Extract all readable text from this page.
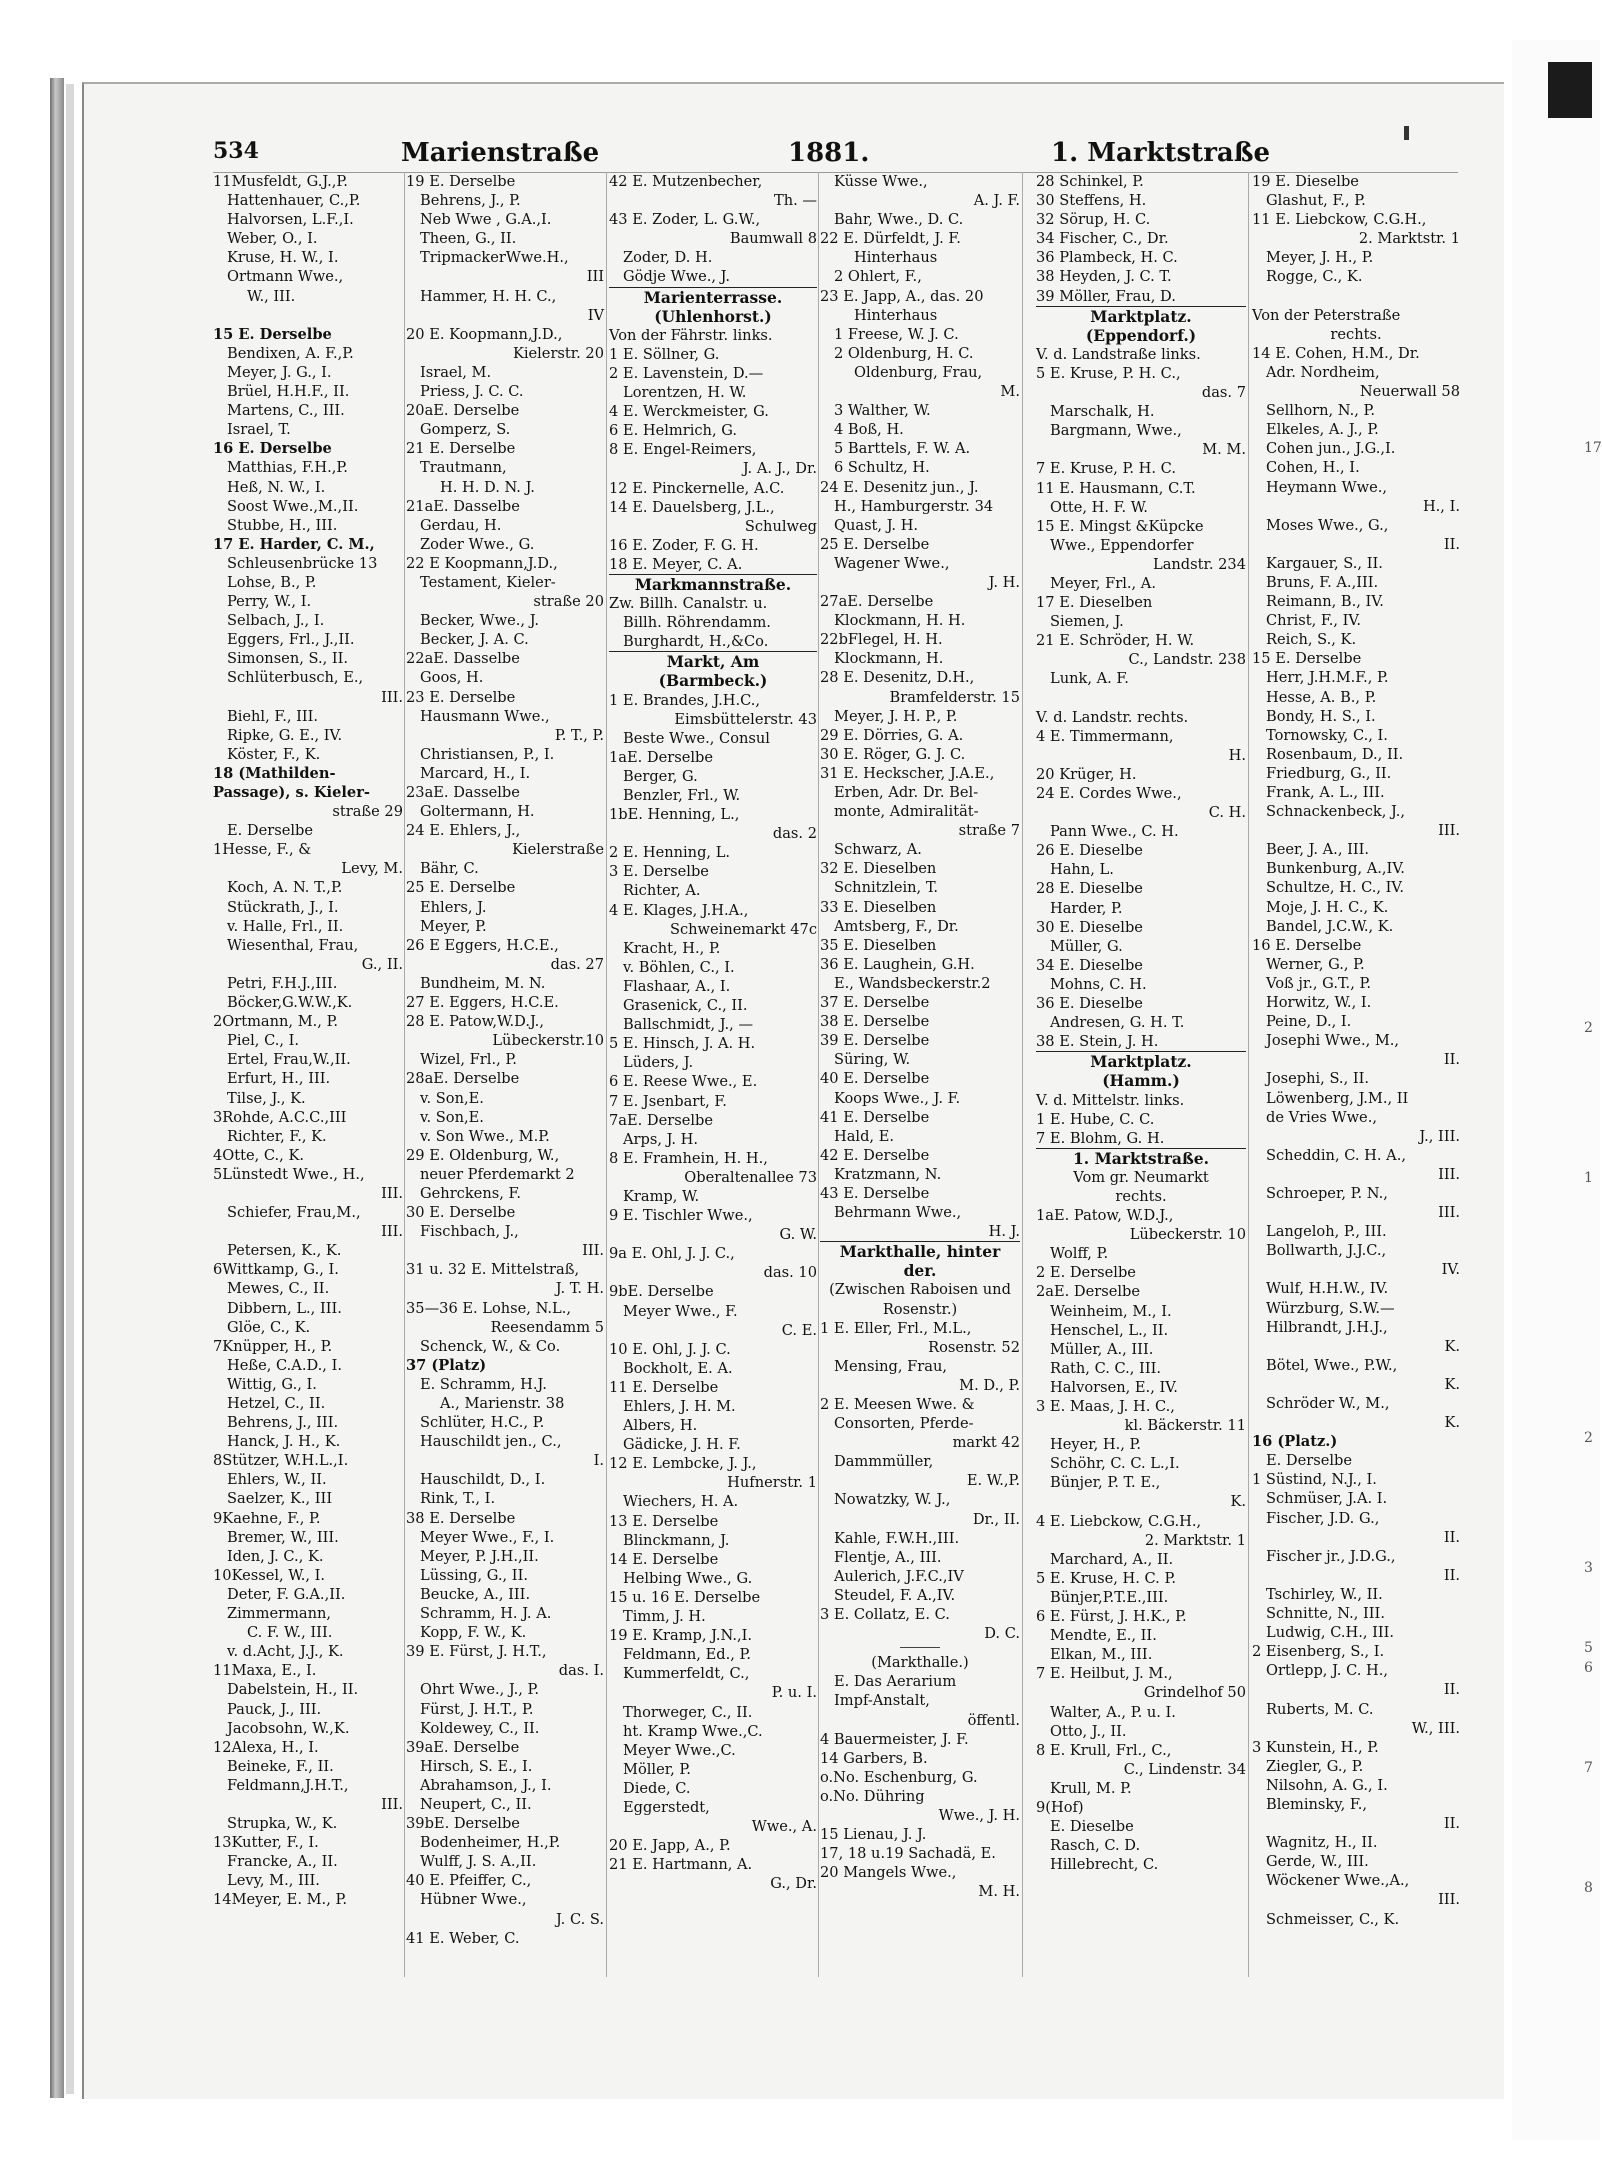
534	Marienstraße	1881.	1. Marktstraße
11Musfeldt, G.J.,P.
Hattenhauer, C.,P.
Halvorsen, L.F.,I.
Weber, O., I.
Kruse, H. W., I.
Ortmann Wwe.,
W., III.
15 E. Derselbe
Bendixen, A. F.,P.
Meyer, J. G., I.
Brüel, H.H.F., II.
Martens, C., III.
Israel, T.
16 E. Derselbe
Matthias, F.H.,P.
Heß, N. W., I.
Soost Wwe.,M.,II.
Stubbe, H., III.
17 E. Harder, C. M.,
Schleusenbrücke 13
Lohse, B., P.
Perry, W., I.
Selbach, J., I.
Eggers, Frl., J.,II.
Simonsen, S., II.
Schlüterbusch, E.,
III.
Biehl, F., III.
Ripke, G. E., IV.
Köster, F., K.
18 (Mathilden-
Passage), s. Kieler-
straße 29
E. Derselbe
1Hesse, F., &
Levy, M.
Koch, A. N. T.,P.
Stückrath, J., I.
v. Halle, Frl., II.
Wiesenthal, Frau,
G., II.
Petri, F.H.J.,III.
Böcker,G.W.W.,K.
2Ortmann, M., P.
Piel, C., I.
Ertel, Frau,W.,II.
Erfurt, H., III.
Tilse, J., K.
3Rohde, A.C.C.,III
Richter, F., K.
4Otte, C., K.
5Lünstedt Wwe., H.,
III.
Schiefer, Frau,M.,
III.
Petersen, K., K.
6Wittkamp, G., I.
Mewes, C., II.
Dibbern, L., III.
Glöe, C., K.
7Knüpper, H., P.
Heße, C.A.D., I.
Wittig, G., I.
Hetzel, C., II.
Behrens, J., III.
Hanck, J. H., K.
8Stützer, W.H.L.,I.
Ehlers, W., II.
Saelzer, K., III
9Kaehne, F., P.
Bremer, W., III.
Iden, J. C., K.
10Kessel, W., I.
Deter, F. G.A.,II.
Zimmermann,
C. F. W., III.
v. d.Acht, J.J., K.
11Maxa, E., I.
Dabelstein, H., II.
Pauck, J., III.
Jacobsohn, W.,K.
12Alexa, H., I.
Beineke, F., II.
Feldmann,J.H.T.,
III.
Strupka, W., K.
13Kutter, F., I.
Francke, A., II.
Levy, M., III.
14Meyer, E. M., P.
19 E. Derselbe
Behrens, J., P.
Neb Wwe , G.A.,I.
Theen, G., II.
TripmackerWwe.H.,
III
Hammer, H. H. C.,
IV
20 E. Koopmann,J.D.,
Kielerstr. 20
Israel, M.
Priess, J. C. C.
20aE. Derselbe
Gomperz, S.
21 E. Derselbe
Trautmann,
H. H. D. N. J.
21aE. Dasselbe
Gerdau, H.
Zoder Wwe., G.
22 E Koopmann,J.D.,
Testament, Kieler-
straße 20
Becker, Wwe., J.
Becker, J. A. C.
22aE. Dasselbe
Goos, H.
23 E. Derselbe
Hausmann Wwe.,
P. T., P.
Christiansen, P., I.
Marcard, H., I.
23aE. Dasselbe
Goltermann, H.
24 E. Ehlers, J.,
Kielerstraße
Bähr, C.
25 E. Derselbe
Ehlers, J.
Meyer, P.
26 E Eggers, H.C.E.,
das. 27
Bundheim, M. N.
27 E. Eggers, H.C.E.
28 E. Patow,W.D.J.,
Lübeckerstr.10
Wizel, Frl., P.
28aE. Derselbe
v. Son,E.
v. Son,E.
v. Son Wwe., M.P.
29 E. Oldenburg, W.,
neuer Pferdemarkt 2
Gehrckens, F.
30 E. Derselbe
Fischbach, J.,
III.
31 u. 32 E. Mittelstraß,
J. T. H.
35—36 E. Lohse, N.L.,
Reesendamm 5
Schenck, W., & Co.
37 (Platz)
E. Schramm, H.J.
A., Marienstr. 38
Schlüter, H.C., P.
Hauschildt jen., C.,
I.
Hauschildt, D., I.
Rink, T., I.
38 E. Derselbe
Meyer Wwe., F., I.
Meyer, P. J.H.,II.
Lüssing, G., II.
Beucke, A., III.
Schramm, H. J. A.
Kopp, F. W., K.
39 E. Fürst, J. H.T.,
das. I.
Ohrt Wwe., J., P.
Fürst, J. H.T., P.
Koldewey, C., II.
39aE. Derselbe
Hirsch, S. E., I.
Abrahamson, J., I.
Neupert, C., II.
39bE. Derselbe
Bodenheimer, H.,P.
Wulff, J. S. A.,II.
40 E. Pfeiffer, C.,
Hübner Wwe.,
J. C. S.
41 E. Weber, C.
42 E. Mutzenbecher,
Th. —
43 E. Zoder, L. G.W.,
Baumwall 8
Zoder, D. H.
Gödje Wwe., J.
Marienterrasse.
(Uhlenhorst.)
Von der Fährstr. links.
1 E. Söllner, G.
2 E. Lavenstein, D.—
Lorentzen, H. W.
4 E. Werckmeister, G.
6 E. Helmrich, G.
8 E. Engel-Reimers,
J. A. J., Dr.
12 E. Pinckernelle, A.C.
14 E. Dauelsberg, J.L.,
Schulweg
16 E. Zoder, F. G. H.
18 E. Meyer, C. A.
Markmannstraße.
Zw. Billh. Canalstr. u.
Billh. Röhrendamm.
Burghardt, H.,&Co.
Markt, Am
(Barmbeck.)
1 E. Brandes, J.H.C.,
Eimsbüttelerstr. 43
Beste Wwe., Consul
1aE. Derselbe
Berger, G.
Benzler, Frl., W.
1bE. Henning, L.,
das. 2
2 E. Henning, L.
3 E. Derselbe
Richter, A.
4 E. Klages, J.H.A.,
Schweinemarkt 47c
Kracht, H., P.
v. Böhlen, C., I.
Flashaar, A., I.
Grasenick, C., II.
Ballschmidt, J., —
5 E. Hinsch, J. A. H.
Lüders, J.
6 E. Reese Wwe., E.
7 E. Jsenbart, F.
7aE. Derselbe
Arps, J. H.
8 E. Framhein, H. H.,
Oberaltenallee 73
Kramp, W.
9 E. Tischler Wwe.,
G. W.
9a E. Ohl, J. J. C.,
das. 10
9bE. Derselbe
Meyer Wwe., F.
C. E.
10 E. Ohl, J. J. C.
Bockholt, E. A.
11 E. Derselbe
Ehlers, J. H. M.
Albers, H.
Gädicke, J. H. F.
12 E. Lembcke, J. J.,
Hufnerstr. 1
Wiechers, H. A.
13 E. Derselbe
Blinckmann, J.
14 E. Derselbe
Helbing Wwe., G.
15 u. 16 E. Derselbe
Timm, J. H.
19 E. Kramp, J.N.,I.
Feldmann, Ed., P.
Kummerfeldt, C.,
P. u. I.
Thorweger, C., II.
ht. Kramp Wwe.,C.
Meyer Wwe.,C.
Möller, P.
Diede, C.
Eggerstedt,
Wwe., A.
20 E. Japp, A., P.
21 E. Hartmann, A.
G., Dr.
Küsse Wwe.,
A. J. F.
Bahr, Wwe., D. C.
22 E. Dürfeldt, J. F.
Hinterhaus
2 Ohlert, F.,
23 E. Japp, A., das. 20
Hinterhaus
1 Freese, W. J. C.
2 Oldenburg, H. C.
Oldenburg, Frau,
M.
3 Walther, W.
4 Boß, H.
5 Barttels, F. W. A.
6 Schultz, H.
24 E. Desenitz jun., J.
H., Hamburgerstr. 34
Quast, J. H.
25 E. Derselbe
Wagener Wwe.,
J. H.
27aE. Derselbe
Klockmann, H. H.
22bFlegel, H. H.
Klockmann, H.
28 E. Desenitz, D.H.,
Bramfelderstr. 15
Meyer, J. H. P., P.
29 E. Dörries, G. A.
30 E. Röger, G. J. C.
31 E. Heckscher, J.A.E.,
Erben, Adr. Dr. Bel-
monte, Admiralität-
straße 7
Schwarz, A.
32 E. Dieselben
Schnitzlein, T.
33 E. Dieselben
Amtsberg, F., Dr.
35 E. Dieselben
36 E. Laughein, G.H.
E., Wandsbeckerstr.2
37 E. Derselbe
38 E. Derselbe
39 E. Derselbe
Süring, W.
40 E. Derselbe
Koops Wwe., J. F.
41 E. Derselbe
Hald, E.
42 E. Derselbe
Kratzmann, N.
43 E. Derselbe
Behrmann Wwe.,
H. J.
Markthalle, hinter
der.
(Zwischen Raboisen und
Rosenstr.)
1 E. Eller, Frl., M.L.,
Rosenstr. 52
Mensing, Frau,
M. D., P.
2 E. Meesen Wwe. &
Consorten, Pferde-
markt 42
Dammmüller,
E. W.,P.
Nowatzky, W. J.,
Dr., II.
Kahle, F.W.H.,III.
Flentje, A., III.
Aulerich, J.F.C.,IV
Steudel, F. A.,IV.
3 E. Collatz, E. C.
D. C.
(Markthalle.)
E. Das Aerarium
Impf-Anstalt,
öffentl.
4 Bauermeister, J. F.
14 Garbers, B.
o.No. Eschenburg, G.
o.No. Dühring
Wwe., J. H.
15 Lienau, J. J.
17, 18 u.19 Sachadä, E.
20 Mangels Wwe.,
M. H.
28 Schinkel, P.
30 Steffens, H.
32 Sörup, H. C.
34 Fischer, C., Dr.
36 Plambeck, H. C.
38 Heyden, J. C. T.
39 Möller, Frau, D.
Marktplatz.
(Eppendorf.)
V. d. Landstraße links.
5 E. Kruse, P. H. C.,
das. 7
Marschalk, H.
Bargmann, Wwe.,
M. M.
7 E. Kruse, P. H. C.
11 E. Hausmann, C.T.
Otte, H. F. W.
15 E. Mingst &Küpcke
Wwe., Eppendorfer
Landstr. 234
Meyer, Frl., A.
17 E. Dieselben
Siemen, J.
21 E. Schröder, H. W.
C., Landstr. 238
Lunk, A. F.
V. d. Landstr. rechts.
4 E. Timmermann,
H.
20 Krüger, H.
24 E. Cordes Wwe.,
C. H.
Pann Wwe., C. H.
26 E. Dieselbe
Hahn, L.
28 E. Dieselbe
Harder, P.
30 E. Dieselbe
Müller, G.
34 E. Dieselbe
Mohns, C. H.
36 E. Dieselbe
Andresen, G. H. T.
38 E. Stein, J. H.
Marktplatz.
(Hamm.)
V. d. Mittelstr. links.
1 E. Hube, C. C.
7 E. Blohm, G. H.
1. Marktstraße.
Vom gr. Neumarkt
rechts.
1aE. Patow, W.D.J.,
Lübeckerstr. 10
Wolff, P.
2 E. Derselbe
2aE. Derselbe
Weinheim, M., I.
Henschel, L., II.
Müller, A., III.
Rath, C. C., III.
Halvorsen, E., IV.
3 E. Maas, J. H. C.,
kl. Bäckerstr. 11
Heyer, H., P.
Schöhr, C. C. L.,I.
Bünjer, P. T. E.,
K.
4 E. Liebckow, C.G.H.,
2. Marktstr. 1
Marchard, A., II.
5 E. Kruse, H. C. P.
Bünjer,P.T.E.,III.
6 E. Fürst, J. H.K., P.
Mendte, E., II.
Elkan, M., III.
7 E. Heilbut, J. M.,
Grindelhof 50
Walter, A., P. u. I.
Otto, J., II.
8 E. Krull, Frl., C.,
C., Lindenstr. 34
Krull, M. P.
9(Hof)
E. Dieselbe
Rasch, C. D.
Hillebrecht, C.
19 E. Dieselbe
Glashut, F., P.
11 E. Liebckow, C.G.H.,
2. Marktstr. 1
Meyer, J. H., P.
Rogge, C., K.
Von der Peterstraße
rechts.
14 E. Cohen, H.M., Dr.
Adr. Nordheim,
Neuerwall 58
Sellhorn, N., P.
Elkeles, A. J., P.
Cohen jun., J.G.,I.
Cohen, H., I.
Heymann Wwe.,
H., I.
Moses Wwe., G.,
II.
Kargauer, S., II.
Bruns, F. A.,III.
Reimann, B., IV.
Christ, F., IV.
Reich, S., K.
15 E. Derselbe
Herr, J.H.M.F., P.
Hesse, A. B., P.
Bondy, H. S., I.
Tornowsky, C., I.
Rosenbaum, D., II.
Friedburg, G., II.
Frank, A. L., III.
Schnackenbeck, J.,
III.
Beer, J. A., III.
Bunkenburg, A.,IV.
Schultze, H. C., IV.
Moje, J. H. C., K.
Bandel, J.C.W., K.
16 E. Derselbe
Werner, G., P.
Voß jr., G.T., P.
Horwitz, W., I.
Peine, D., I.
Josephi Wwe., M.,
II.
Josephi, S., II.
Löwenberg, J.M., II
de Vries Wwe.,
J., III.
Scheddin, C. H. A.,
III.
Schroeper, P. N.,
III.
Langeloh, P., III.
Bollwarth, J.J.C.,
IV.
Wulf, H.H.W., IV.
Würzburg, S.W.—
Hilbrandt, J.H.J.,
K.
Bötel, Wwe., P.W.,
K.
Schröder W., M.,
K.
16 (Platz.)
E. Derselbe
1 Süstind, N.J., I.
Schmüser, J.A. I.
Fischer, J.D. G.,
II.
Fischer jr., J.D.G.,
II.
Tschirley, W., II.
Schnitte, N., III.
Ludwig, C.H., III.
2 Eisenberg, S., I.
Ortlepp, J. C. H.,
II.
Ruberts, M. C.
W., III.
3 Kunstein, H., P.
Ziegler, G., P.
Nilsohn, A. G., I.
Bleminsky, F.,
II.
Wagnitz, H., II.
Gerde, W., III.
Wöckener Wwe.,A.,
III.
Schmeisser, C., K.
17
2
1
2
3
5
6
7
8
